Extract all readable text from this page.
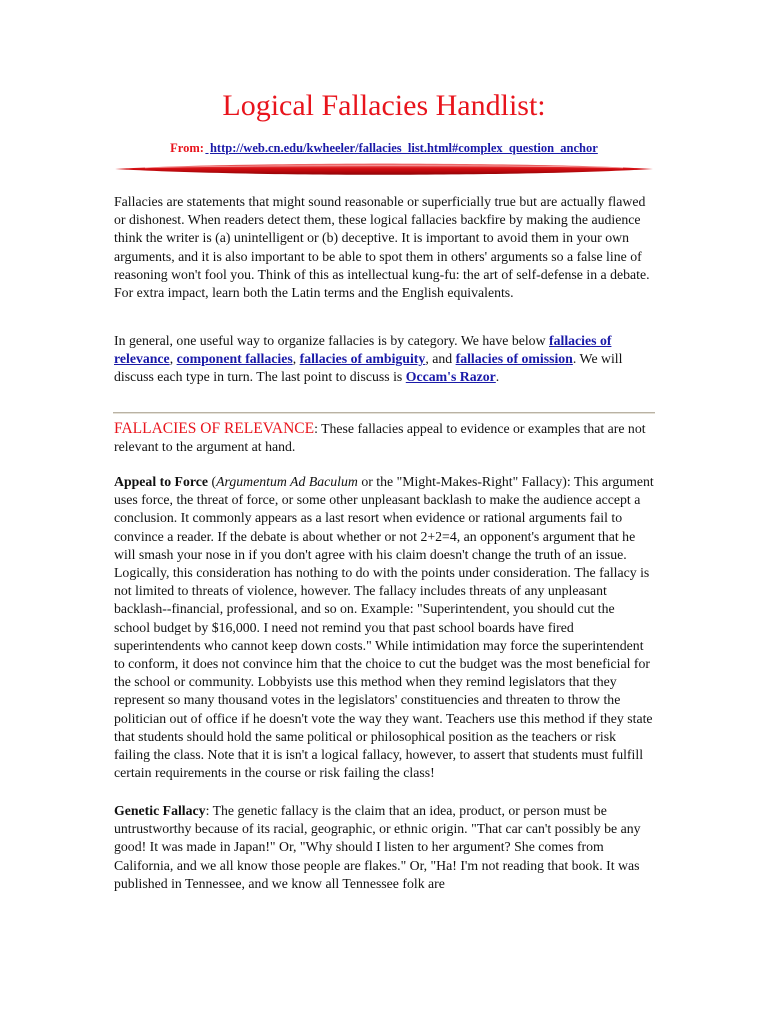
Logical Fallacies Handlist:
From: http://web.cn.edu/kwheeler/fallacies_list.html#complex_question_anchor

Fallacies are statements that might sound reasonable or superficially true but are actually flawed or dishonest. When readers detect them, these logical fallacies backfire by making the audience think the writer is (a) unintelligent or (b) deceptive. It is important to avoid them in your own arguments, and it is also important to be able to spot them in others' arguments so a false line of reasoning won't fool you. Think of this as intellectual kung-fu: the art of self-defense in a debate. For extra impact, learn both the Latin terms and the English equivalents.

In general, one useful way to organize fallacies is by category. We have below fallacies of relevance, component fallacies, fallacies of ambiguity, and fallacies of omission. We will discuss each type in turn. The last point to discuss is Occam's Razor.

FALLACIES OF RELEVANCE: These fallacies appeal to evidence or examples that are not relevant to the argument at hand.

Appeal to Force (Argumentum Ad Baculum or the "Might-Makes-Right" Fallacy): This argument uses force, the threat of force, or some other unpleasant backlash to make the audience accept a conclusion. It commonly appears as a last resort when evidence or rational arguments fail to convince a reader. If the debate is about whether or not 2+2=4, an opponent's argument that he will smash your nose in if you don't agree with his claim doesn't change the truth of an issue. Logically, this consideration has nothing to do with the points under consideration. The fallacy is not limited to threats of violence, however. The fallacy includes threats of any unpleasant backlash--financial, professional, and so on. Example: "Superintendent, you should cut the school budget by $16,000. I need not remind you that past school boards have fired superintendents who cannot keep down costs." While intimidation may force the superintendent to conform, it does not convince him that the choice to cut the budget was the most beneficial for the school or community. Lobbyists use this method when they remind legislators that they represent so many thousand votes in the legislators' constituencies and threaten to throw the politician out of office if he doesn't vote the way they want. Teachers use this method if they state that students should hold the same political or philosophical position as the teachers or risk failing the class. Note that it is isn't a logical fallacy, however, to assert that students must fulfill certain requirements in the course or risk failing the class!

Genetic Fallacy: The genetic fallacy is the claim that an idea, product, or person must be untrustworthy because of its racial, geographic, or ethnic origin. "That car can't possibly be any good! It was made in Japan!" Or, "Why should I listen to her argument? She comes from California, and we all know those people are flakes." Or, "Ha! I'm not reading that book. It was published in Tennessee, and we know all Tennessee folk are
